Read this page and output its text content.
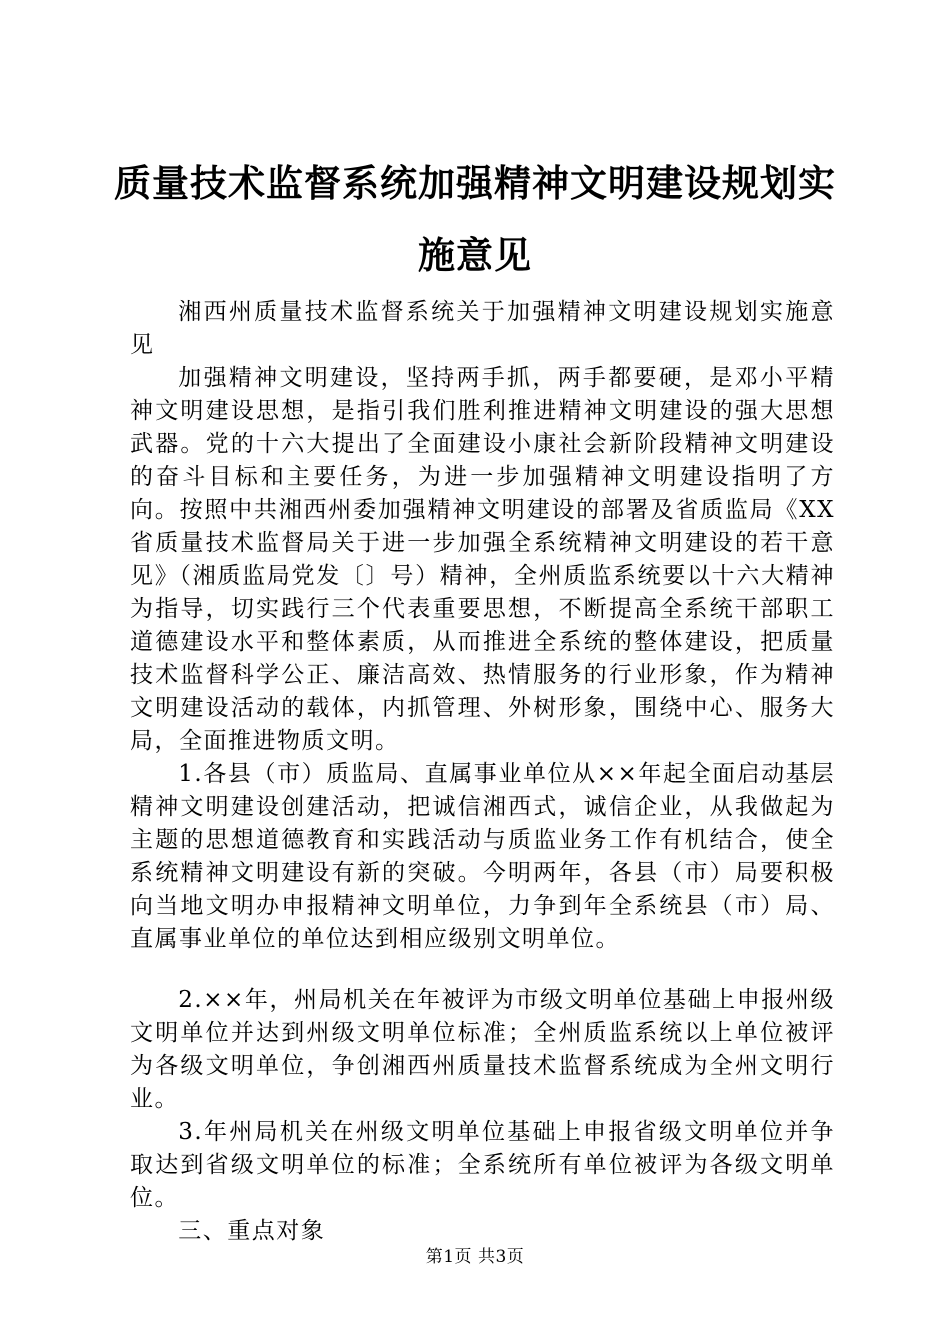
质量技术监督系统加强精神文明建设规划实施意见

湘西州质量技术监督系统关于加强精神文明建设规划实施意见

加强精神文明建设，坚持两手抓，两手都要硬，是邓小平精神文明建设思想，是指引我们胜利推进精神文明建设的强大思想武器。党的十六大提出了全面建设小康社会新阶段精神文明建设的奋斗目标和主要任务，为进一步加强精神文明建设指明了方向。按照中共湘西州委加强精神文明建设的部署及省质监局《XX省质量技术监督局关于进一步加强全系统精神文明建设的若干意见》（湘质监局党发〔〕号）精神，全州质监系统要以十六大精神为指导，切实践行三个代表重要思想，不断提高全系统干部职工道德建设水平和整体素质，从而推进全系统的整体建设，把质量技术监督科学公正、廉洁高效、热情服务的行业形象，作为精神文明建设活动的载体，内抓管理、外树形象，围绕中心、服务大局，全面推进物质文明。

1.各县（市）质监局、直属事业单位从××年起全面启动基层精神文明建设创建活动，把诚信湘西式，诚信企业，从我做起为主题的思想道德教育和实践活动与质监业务工作有机结合，使全系统精神文明建设有新的突破。今明两年，各县（市）局要积极向当地文明办申报精神文明单位，力争到年全系统县（市）局、直属事业单位的单位达到相应级别文明单位。

2.××年，州局机关在年被评为市级文明单位基础上申报州级文明单位并达到州级文明单位标准；全州质监系统以上单位被评为各级文明单位，争创湘西州质量技术监督系统成为全州文明行业。

3.年州局机关在州级文明单位基础上申报省级文明单位并争取达到省级文明单位的标准；全系统所有单位被评为各级文明单位。

三、重点对象

第1页 共3页
